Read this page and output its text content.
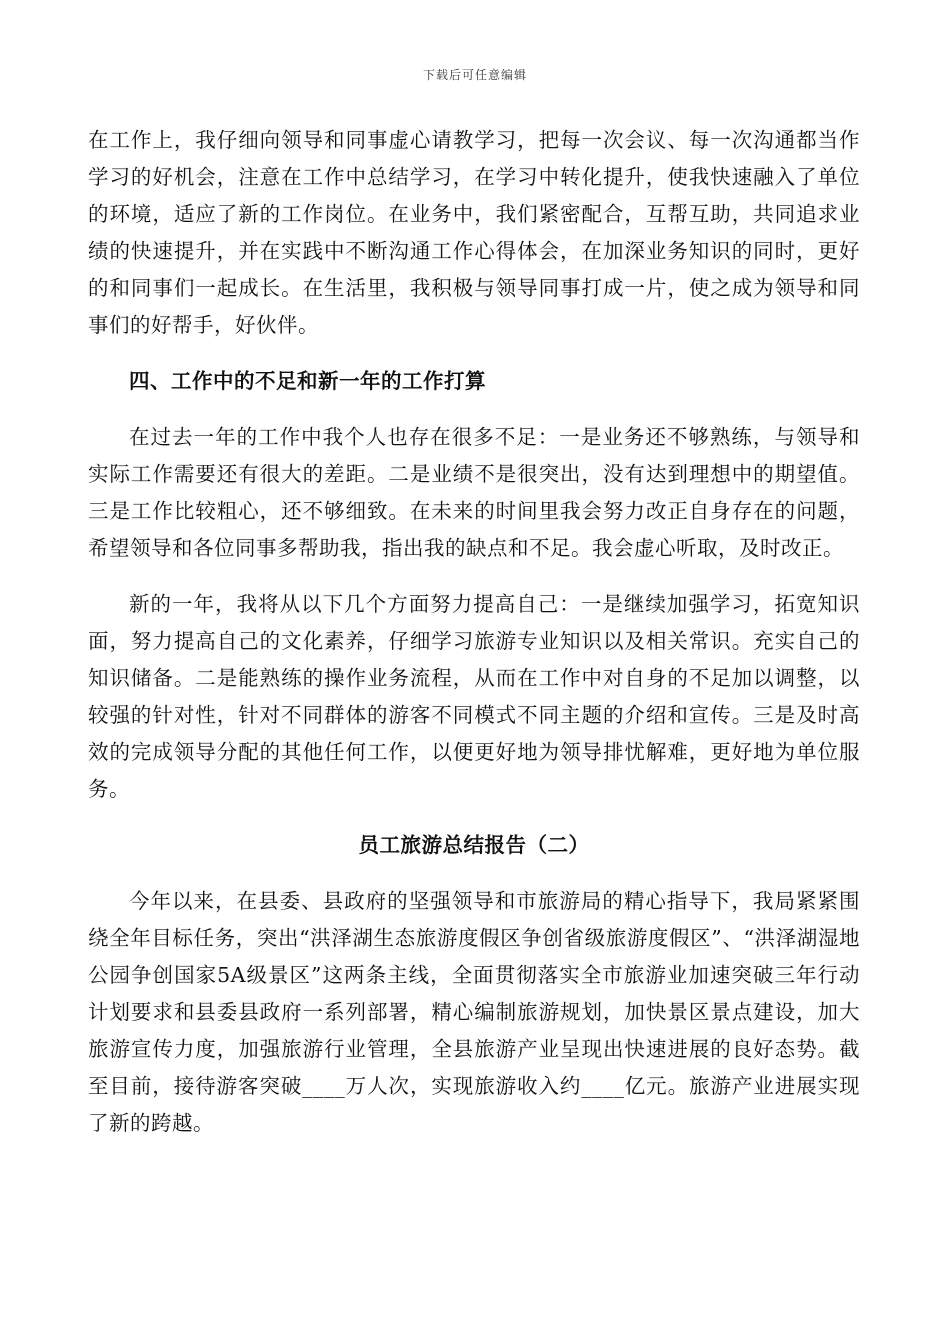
下载后可任意编辑

在工作上，我仔细向领导和同事虚心请教学习，把每一次会议、每一次沟通都当作学习的好机会，注意在工作中总结学习，在学习中转化提升，使我快速融入了单位的环境，适应了新的工作岗位。在业务中，我们紧密配合，互帮互助，共同追求业绩的快速提升，并在实践中不断沟通工作心得体会，在加深业务知识的同时，更好的和同事们一起成长。在生活里，我积极与领导同事打成一片，使之成为领导和同事们的好帮手，好伙伴。

四、工作中的不足和新一年的工作打算

在过去一年的工作中我个人也存在很多不足：一是业务还不够熟练，与领导和实际工作需要还有很大的差距。二是业绩不是很突出，没有达到理想中的期望值。三是工作比较粗心，还不够细致。在未来的时间里我会努力改正自身存在的问题，希望领导和各位同事多帮助我，指出我的缺点和不足。我会虚心听取，及时改正。

新的一年，我将从以下几个方面努力提高自己：一是继续加强学习，拓宽知识面，努力提高自己的文化素养，仔细学习旅游专业知识以及相关常识。充实自己的知识储备。二是能熟练的操作业务流程，从而在工作中对自身的不足加以调整，以较强的针对性，针对不同群体的游客不同模式不同主题的介绍和宣传。三是及时高效的完成领导分配的其他任何工作，以便更好地为领导排忧解难，更好地为单位服务。

员工旅游总结报告（二）

今年以来，在县委、县政府的坚强领导和市旅游局的精心指导下，我局紧紧围绕全年目标任务，突出“洪泽湖生态旅游度假区争创省级旅游度假区”、“洪泽湖湿地公园争创国家5A级景区”这两条主线，全面贯彻落实全市旅游业加速突破三年行动计划要求和县委县政府一系列部署，精心编制旅游规划，加快景区景点建设，加大旅游宣传力度，加强旅游行业管理，全县旅游产业呈现出快速进展的良好态势。截至目前，接待游客突破____万人次，实现旅游收入约____亿元。旅游产业进展实现了新的跨越。
